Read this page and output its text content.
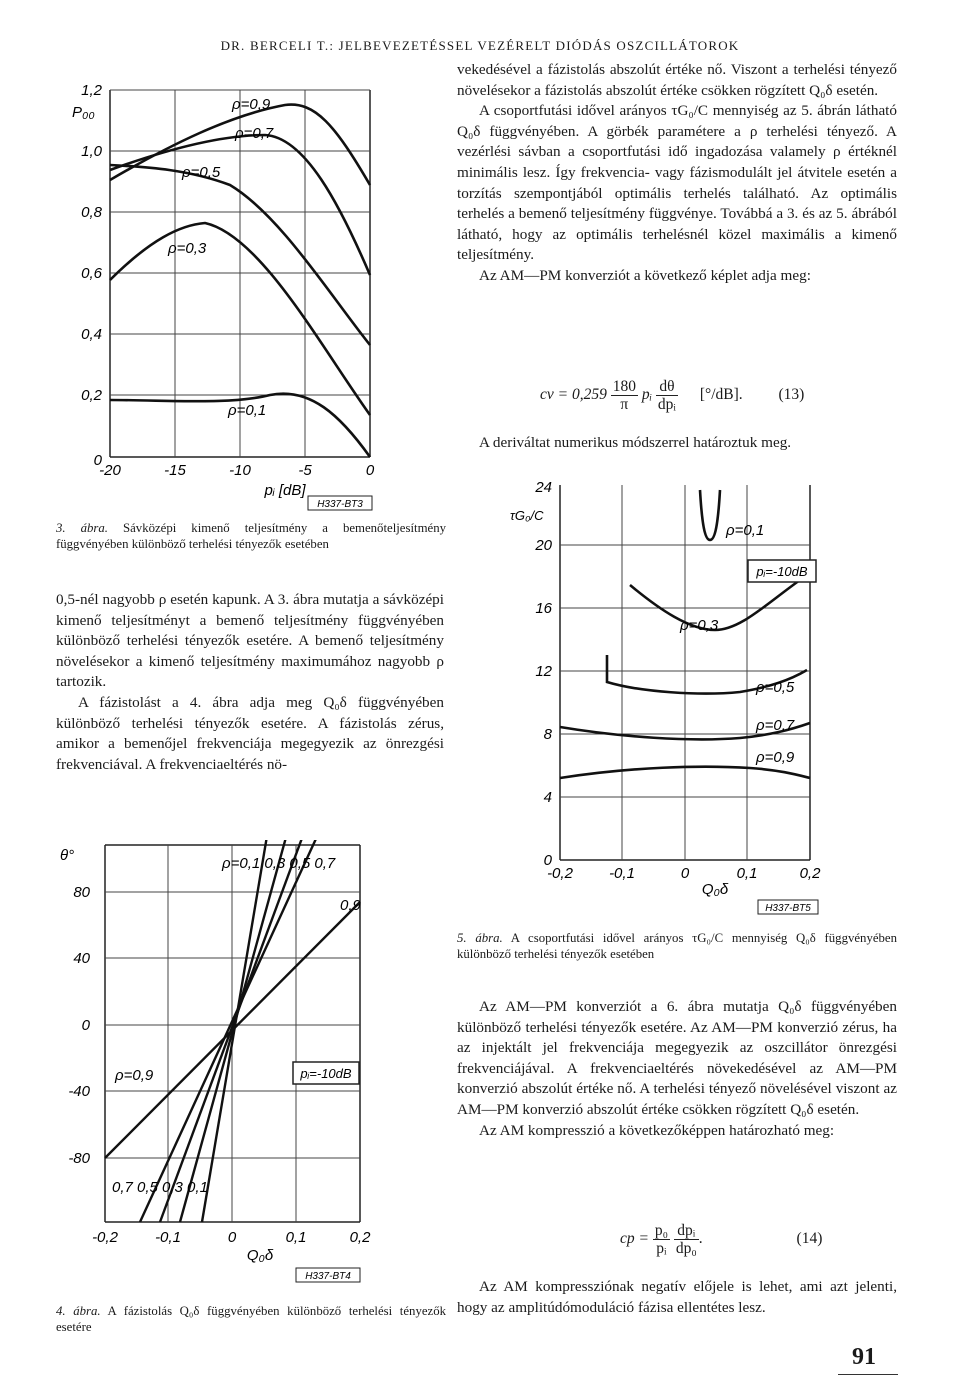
DR. BERCELI T.: JELBEVEZETÉSSEL VEZÉRELT DIÓDÁS OSZCILLÁTOROK

vekedésével a fázistolás abszolút értéke nő. Viszont a terhelési tényező növelésekor a fázistolás abszolút értéke csökken rögzített Q₀δ esetén.

A csoportfutási idővel arányos τG₀/C mennyiség az 5. ábrán látható Q₀δ függvényében. A görbék paramétere a ρ terhelési tényező. A vezérlési sávban a csoportfutási idő ingadozása valamely ρ értéknél minimális lesz. Így frekvencia- vagy fázismodulált jel átvitele esetén a torzítás szempontjából optimális terhelés található. Az optimális terhelés a bemenő teljesítmény függvénye. Továbbá a 3. és az 5. ábrából látható, hogy az optimális terhelésnél közel maximális a kimenő teljesítmény.

Az AM—PM konverziót a következő képlet adja meg:

cv = $0,259 \frac{180}{\pi}$ pᵢ $\frac{d\theta}{\text{dpᵢ}} [^\circ/dB]$. (13)

A deriváltat numerikus módszerrel határoztuk meg.

1,2
1,0
0,8
0,6
0,4
0,2
0
P₀₀
-20	-15	-10	-5	0
pᵢ [dB]
H337-BT3
ρ=0,9
ρ=0,7
ρ=0,5
ρ=0,3
ρ=0,1
3. ábra. Sávközépi kimenő teljesítmény a bemenőteljesítmény függvényében különböző terhelési tényezők esetében

0,5-nél nagyobb ρ esetén kapunk. A 3. ábra mutatja a sávközépi kimenő teljesítményt a bemenő teljesítmény függvényében különböző terhelési tényezők esetére. A bemenő teljesítmény növelésekor a kimenő teljesítmény maximumához nagyobb ρ tartozik.

A fázistolást a 4. ábra adja meg Q₀δ függvényében különböző terhelési tényezők esetére. A fázistolás zérus, amikor a bemenőjel frekvenciája megegyezik az önrezgési frekvenciával. A frekvenciaeltérés nö-

24
20
16
12
8
4
0
τG₀/C
-0,2 -0,1	0	0,1	0,2
Q₀δ
H337-BT5
pᵢ=-10dB
ρ=0,1
ρ=0,3
ρ=0,5
ρ=0,7
ρ=0,9
5. ábra. A csoportfutási idővel arányos τG₀/C mennyiség Q₀δ függvényében különböző terhelési tényezők esetében
80
40
0
-40
-80
θ°	ρ=0,1 0,3 0,5 0,7
0,9
ρ=0,9
0,7 0,5 0,3 0,1
pᵢ=-10dB
-0,2 -0,1	0	0,1	0,2
Q₀δ
H337-BT4
4. ábra. A fázistolás Q₀δ függvényében különböző terhelési tényezők esetére

Az AM—PM konverziót a 6. ábra mutatja Q₀δ függvényében különböző terhelési tényezők esetére. Az AM—PM konverzió zérus, ha az injektált jel frekvenciája megegyezik az oszcillátor önrezgési frekvenciájával. A frekvenciaeltérés növekedésével az AM—PM konverzió abszolút értéke nő. A terhelési tényező növelésével viszont az AM—PM konverzió abszolút értéke csökken rögzített Q₀δ esetén.

Az AM kompresszió a következőképpen határozható meg:

cp = $\frac{\text{p₀}}{\text{pᵢ}}$
$\frac{\text{dpᵢ}}{\text{dp₀}}$ .	(14)

Az AM kompressziónak negatív előjele is lehet, ami azt jelenti, hogy az amplitúdómoduláció fázisa ellentétes lesz.

91
